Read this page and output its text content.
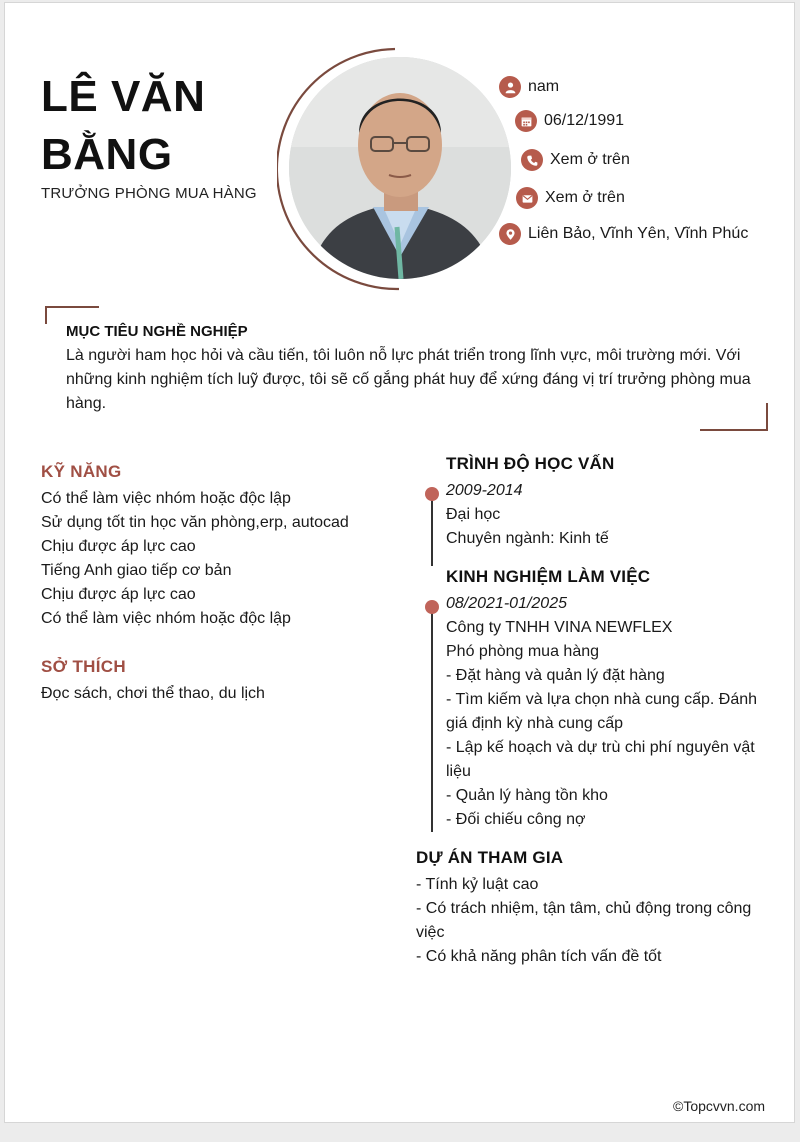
LÊ VĂN
BẰNG
TRƯỞNG PHÒNG MUA HÀNG
nam
06/12/1991
Xem ở trên
Xem ở trên
Liên Bảo, Vĩnh Yên, Vĩnh Phúc
MỤC TIÊU NGHỀ NGHIỆP
Là người ham học hỏi và cầu tiến, tôi luôn nỗ lực phát triển trong lĩnh vực, môi trường mới. Với
những kinh nghiệm tích luỹ được, tôi sẽ cố gắng phát huy để xứng đáng vị trí trưởng phòng mua
hàng.
KỸ NĂNG
Có thể làm việc nhóm hoặc độc lập
Sử dụng tốt tin học văn phòng,erp, autocad
Chịu được áp lực cao
Tiếng Anh giao tiếp cơ bản
Chịu được áp lực cao
Có thể làm việc nhóm hoặc độc lập
SỞ THÍCH
Đọc sách, chơi thể thao, du lịch
TRÌNH ĐỘ HỌC VẤN
2009-2014
Đại học
Chuyên ngành: Kinh tế
KINH NGHIỆM LÀM VIỆC
08/2021-01/2025
Công ty TNHH VINA NEWFLEX
Phó phòng mua hàng
- Đặt hàng và quản lý đặt hàng
- Tìm kiếm và lựa chọn nhà cung cấp. Đánh
giá định kỳ nhà cung cấp
- Lập kế hoạch và dự trù chi phí nguyên vật
liệu
- Quản lý hàng tồn kho
- Đối chiếu công nợ
DỰ ÁN THAM GIA
- Tính kỷ luật cao
- Có trách nhiệm, tận tâm, chủ động trong công
việc
- Có khả năng phân tích vấn đề tốt
©Topcvvn.com
